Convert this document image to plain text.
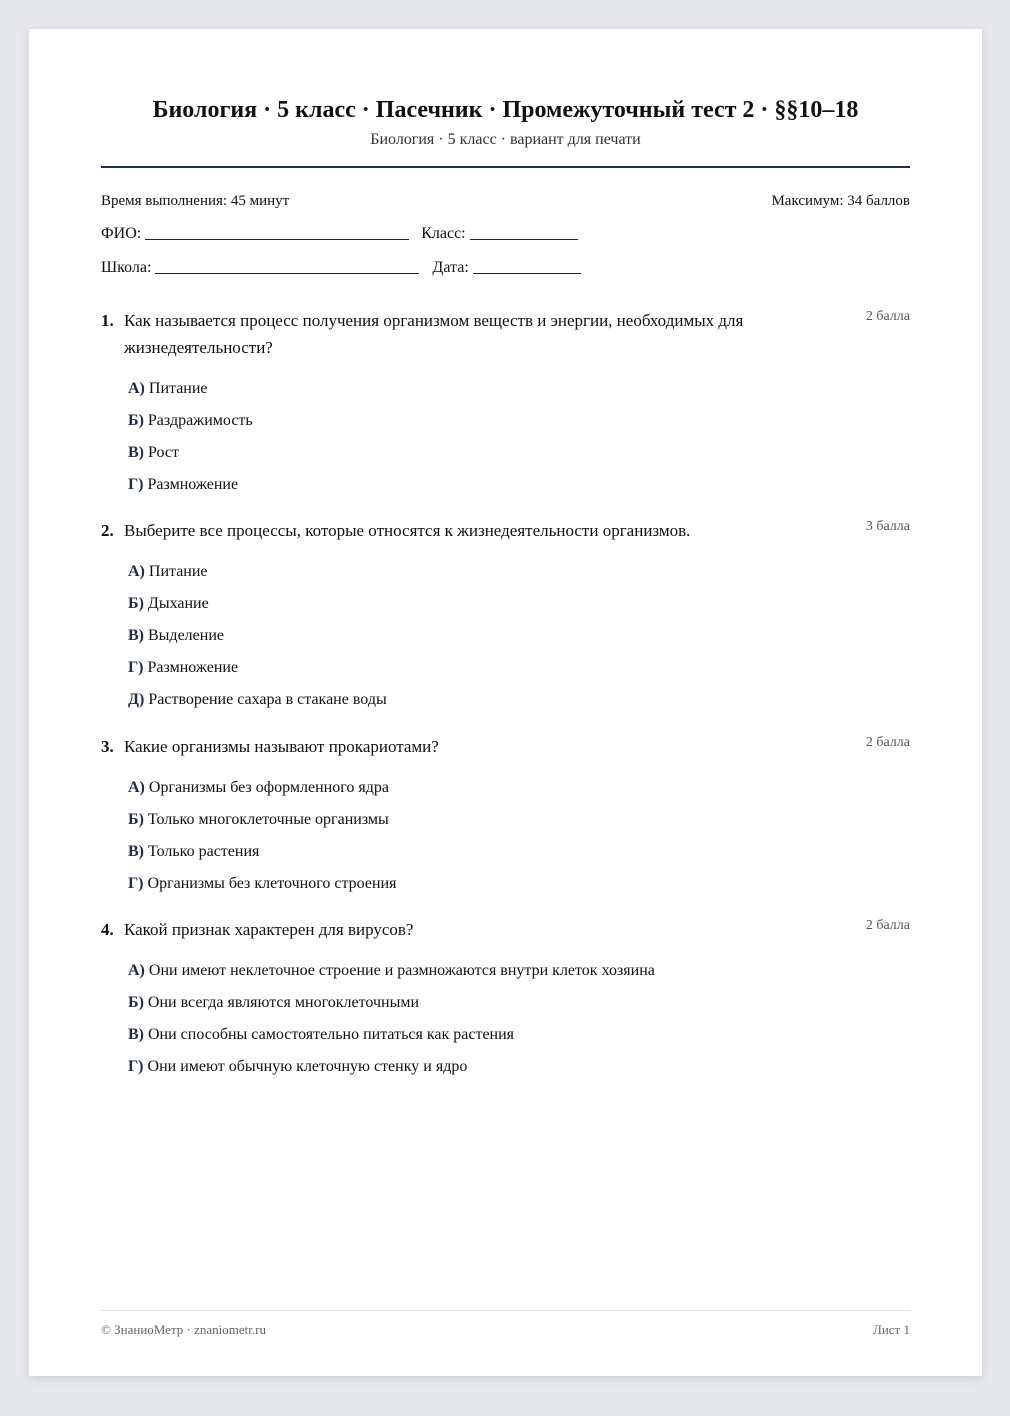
Биология · 5 класс · Пасечник · Промежуточный тест 2 · §§10–18
Биология · 5 класс · вариант для печати
Время выполнения: 45 минут	Максимум: 34 баллов
ФИО:	Класс:
Школа:	Дата:
1. Как называется процесс получения организмом веществ и энергии, необходимых для жизнедеятельности?
2 балла
А) Питание
Б) Раздражимость
В) Рост
Г) Размножение
2. Выберите все процессы, которые относятся к жизнедеятельности организмов.	3 балла
А) Питание
Б) Дыхание
В) Выделение
Г) Размножение
Д) Растворение сахара в стакане воды
3. Какие организмы называют прокариотами?	2 балла
А) Организмы без оформленного ядра
Б) Только многоклеточные организмы
В) Только растения
Г) Организмы без клеточного строения
4. Какой признак характерен для вирусов?	2 балла
А) Они имеют неклеточное строение и размножаются внутри клеток хозяина
Б) Они всегда являются многоклеточными
В) Они способны самостоятельно питаться как растения
Г) Они имеют обычную клеточную стенку и ядро
© ЗнаниоМетр · znaniometr.ru	Лист 1
